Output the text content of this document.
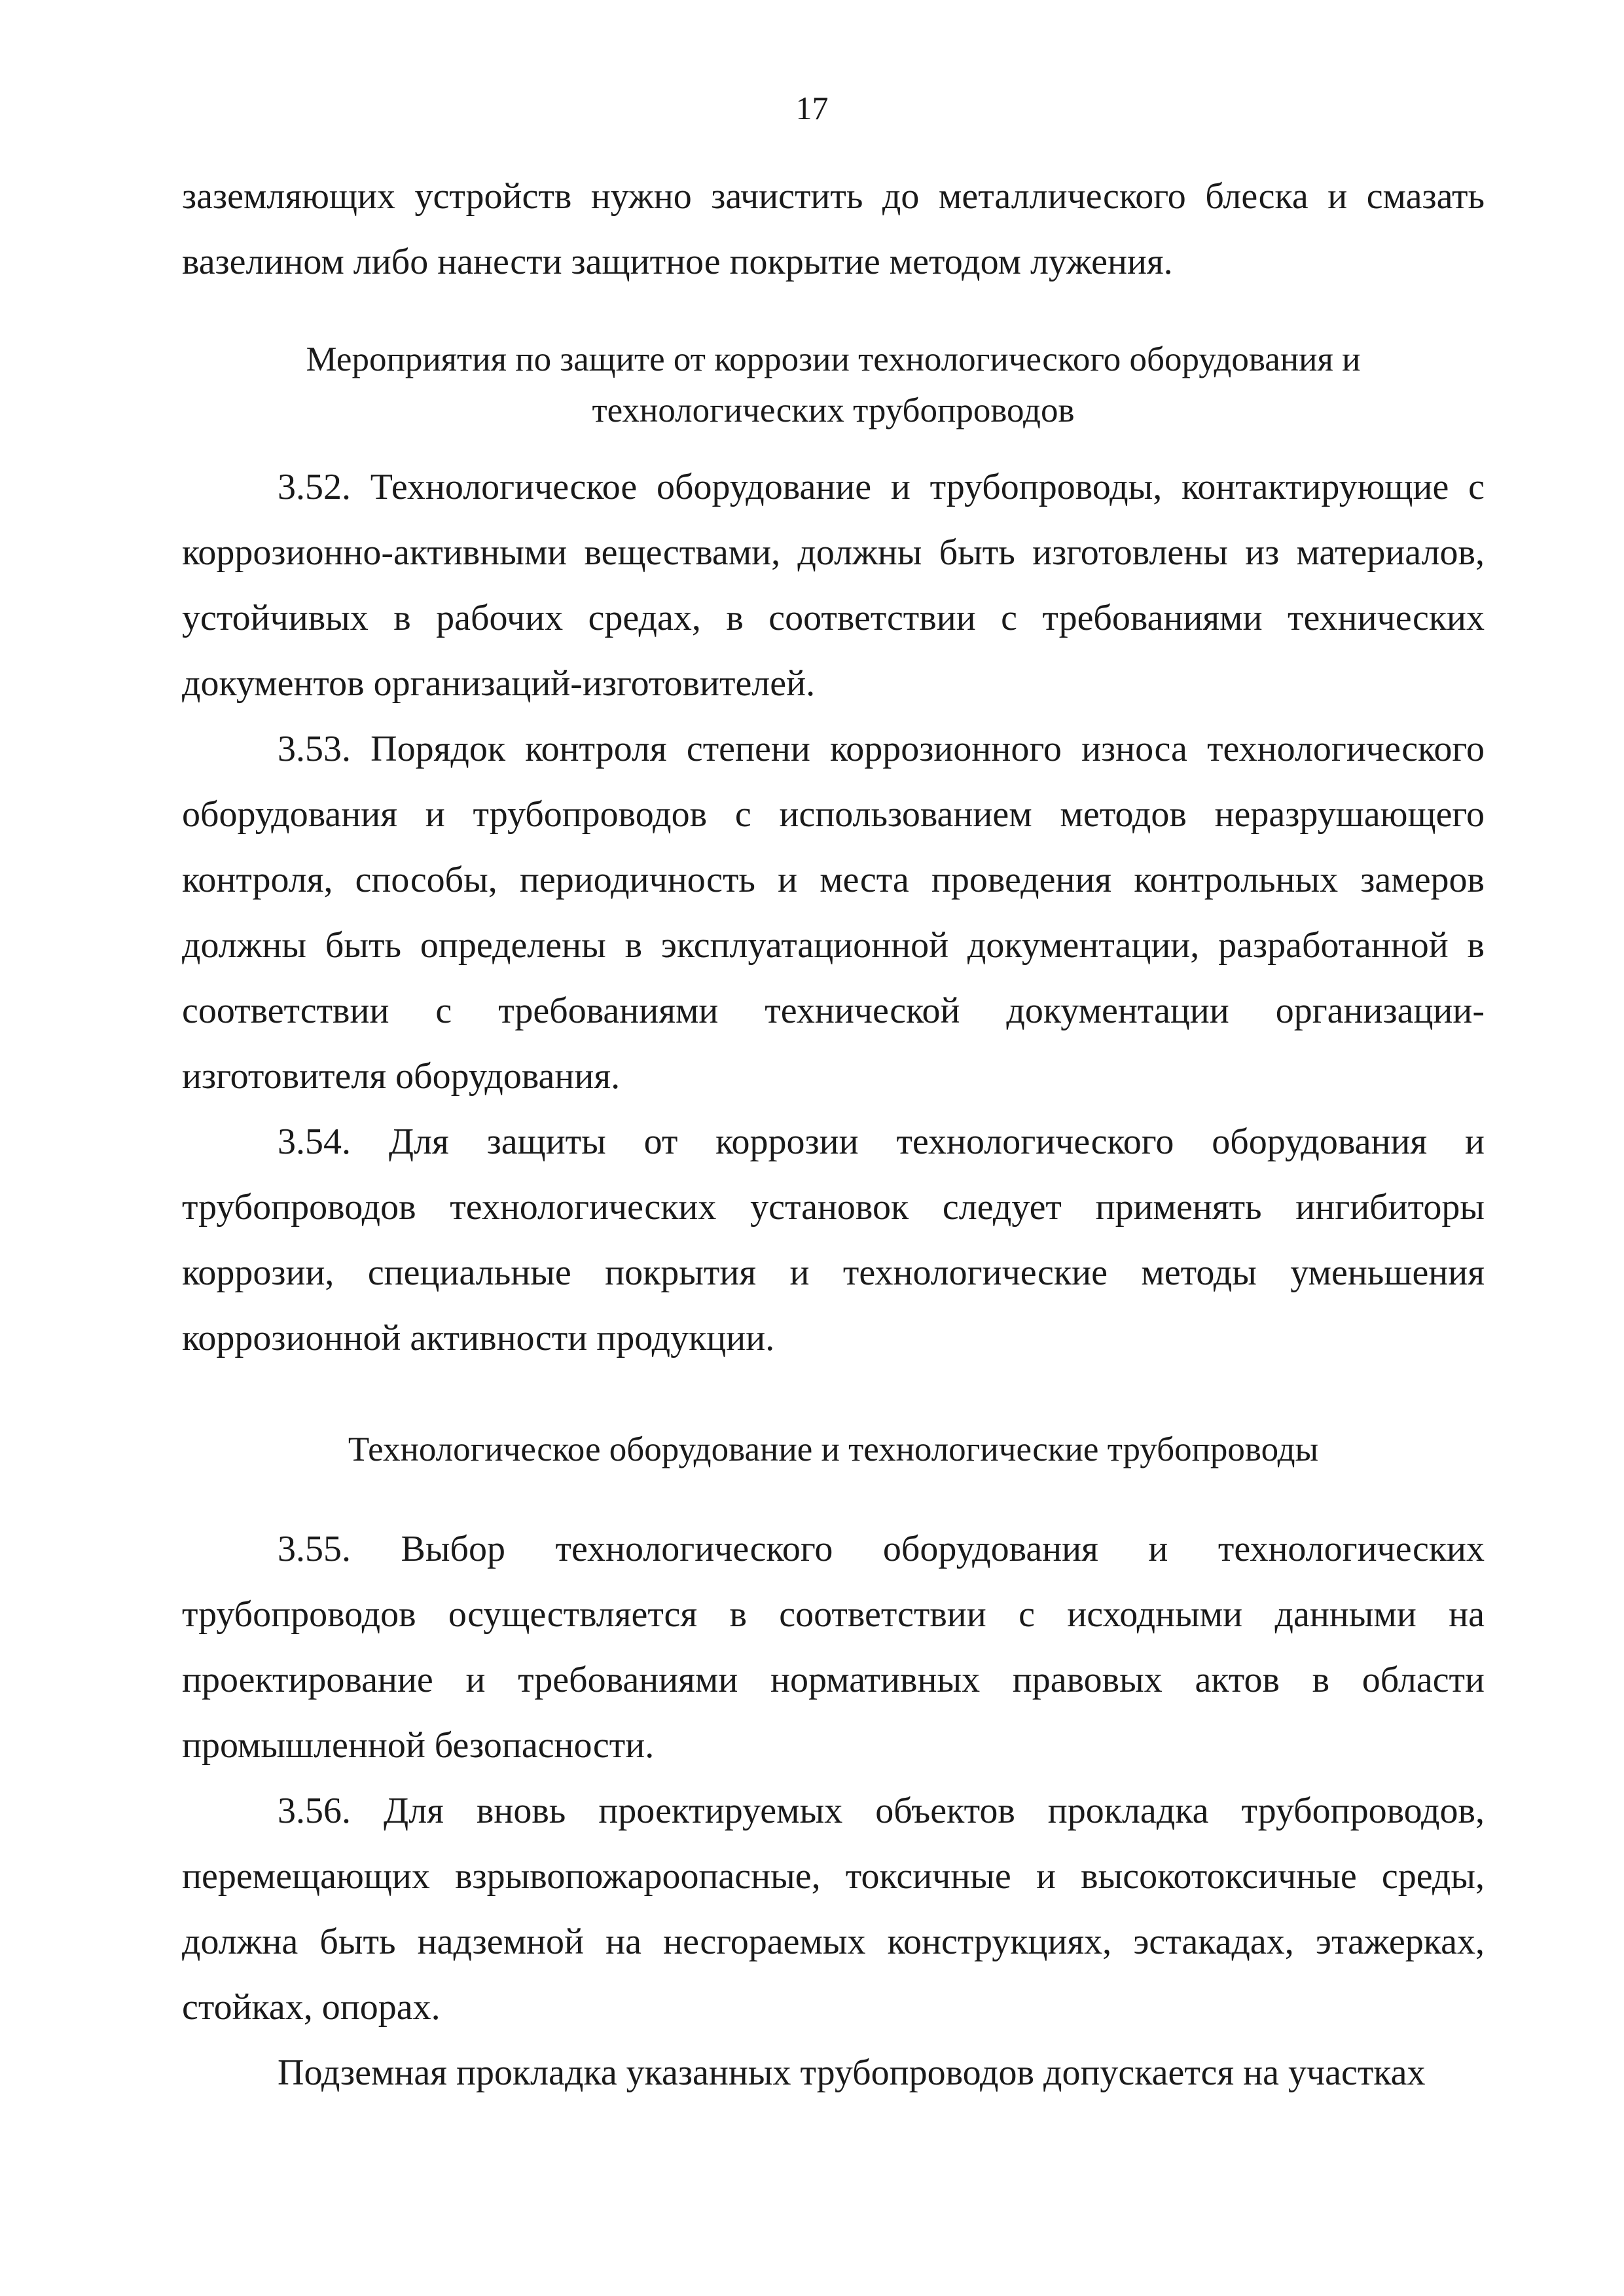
17

заземляющих устройств нужно зачистить до металлического блеска и смазать вазелином либо нанести защитное покрытие методом лужения.

Мероприятия по защите от коррозии технологического оборудования и
технологических трубопроводов

3.52. Технологическое оборудование и трубопроводы, контактирующие с коррозионно-активными веществами, должны быть изготовлены из материалов, устойчивых в рабочих средах, в соответствии с требованиями технических документов организаций-изготовителей.

3.53. Порядок контроля степени коррозионного износа технологического оборудования и трубопроводов с использованием методов неразрушающего контроля, способы, периодичность и места проведения контрольных замеров должны быть определены в эксплуатационной документации, разработанной в соответствии с требованиями технической документации организации-изготовителя оборудования.

3.54. Для защиты от коррозии технологического оборудования и трубопроводов технологических установок следует применять ингибиторы коррозии, специальные покрытия и технологические методы уменьшения коррозионной активности продукции.

Технологическое оборудование и технологические трубопроводы

3.55. Выбор технологического оборудования и технологических трубопроводов осуществляется в соответствии с исходными данными на проектирование и требованиями нормативных правовых актов в области промышленной безопасности.

3.56. Для вновь проектируемых объектов прокладка трубопроводов, перемещающих взрывопожароопасные, токсичные и высокотоксичные среды, должна быть надземной на несгораемых конструкциях, эстакадах, этажерках, стойках, опорах.

Подземная прокладка указанных трубопроводов допускается на участках
